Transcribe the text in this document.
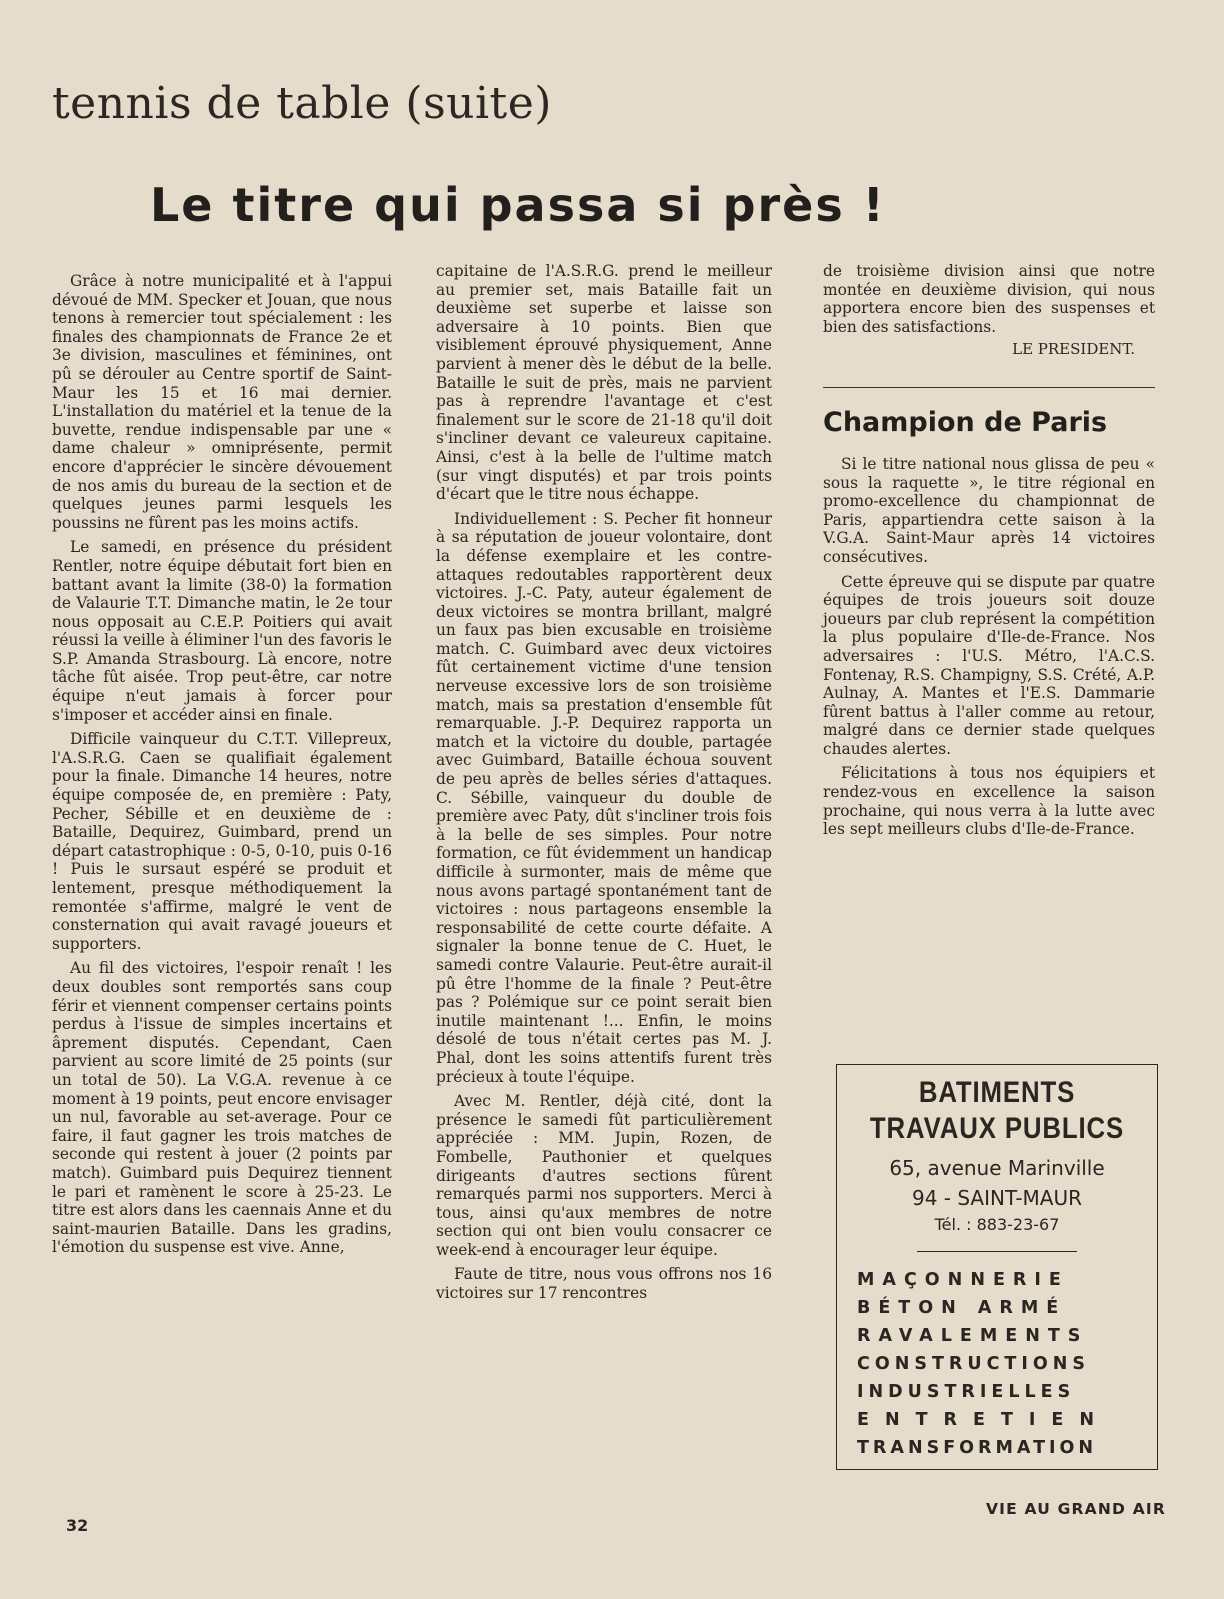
tennis de table (suite)
Le titre qui passa si près !

Grâce à notre municipalité et à l'appui dévoué de MM. Specker et Jouan, que nous tenons à remercier tout spécialement : les finales des championnats de France 2e et 3e division, masculines et féminines, ont pû se dérouler au Centre sportif de Saint-Maur les 15 et 16 mai dernier. L'installation du matériel et la tenue de la buvette, rendue indispensable par une « dame chaleur » omniprésente, permit encore d'apprécier le sincère dévouement de nos amis du bureau de la section et de quelques jeunes parmi lesquels les poussins ne fûrent pas les moins actifs.

Le samedi, en présence du président Rentler, notre équipe débutait fort bien en battant avant la limite (38-0) la formation de Valaurie T.T. Dimanche matin, le 2e tour nous opposait au C.E.P. Poitiers qui avait réussi la veille à éliminer l'un des favoris le S.P. Amanda Strasbourg. Là encore, notre tâche fût aisée. Trop peut-être, car notre équipe n'eut jamais à forcer pour s'imposer et accéder ainsi en finale.

Difficile vainqueur du C.T.T. Villepreux, l'A.S.R.G. Caen se qualifiait également pour la finale. Dimanche 14 heures, notre équipe composée de, en première : Paty, Pecher, Sébille et en deuxième de : Bataille, Dequirez, Guimbard, prend un départ catastrophique : 0-5, 0-10, puis 0-16 ! Puis le sursaut espéré se produit et lentement, presque méthodiquement la remontée s'affirme, malgré le vent de consternation qui avait ravagé joueurs et supporters.

Au fil des victoires, l'espoir renaît ! les deux doubles sont remportés sans coup férir et viennent compenser certains points perdus à l'issue de simples incertains et âprement disputés. Cependant, Caen parvient au score limité de 25 points (sur un total de 50). La V.G.A. revenue à ce moment à 19 points, peut encore envisager un nul, favorable au set-average. Pour ce faire, il faut gagner les trois matches de seconde qui restent à jouer (2 points par match). Guimbard puis Dequirez tiennent le pari et ramènent le score à 25-23. Le titre est alors dans les caennais Anne et du saint-maurien Bataille. Dans les gradins, l'émotion du suspense est vive. Anne,

capitaine de l'A.S.R.G. prend le meilleur au premier set, mais Bataille fait un deuxième set superbe et laisse son adversaire à 10 points. Bien que visiblement éprouvé physiquement, Anne parvient à mener dès le début de la belle. Bataille le suit de près, mais ne parvient pas à reprendre l'avantage et c'est finalement sur le score de 21-18 qu'il doit s'incliner devant ce valeureux capitaine. Ainsi, c'est à la belle de l'ultime match (sur vingt disputés) et par trois points d'écart que le titre nous échappe.

Individuellement : S. Pecher fit honneur à sa réputation de joueur volontaire, dont la défense exemplaire et les contre-attaques redoutables rapportèrent deux victoires. J.-C. Paty, auteur également de deux victoires se montra brillant, malgré un faux pas bien excusable en troisième match. C. Guimbard avec deux victoires fût certainement victime d'une tension nerveuse excessive lors de son troisième match, mais sa prestation d'ensemble fût remarquable. J.-P. Dequirez rapporta un match et la victoire du double, partagée avec Guimbard, Bataille échoua souvent de peu après de belles séries d'attaques. C. Sébille, vainqueur du double de première avec Paty, dût s'incliner trois fois à la belle de ses simples. Pour notre formation, ce fût évidemment un handicap difficile à surmonter, mais de même que nous avons partagé spontanément tant de victoires : nous partageons ensemble la responsabilité de cette courte défaite. A signaler la bonne tenue de C. Huet, le samedi contre Valaurie. Peut-être aurait-il pû être l'homme de la finale ? Peut-être pas ? Polémique sur ce point serait bien inutile maintenant !... Enfin, le moins désolé de tous n'était certes pas M. J. Phal, dont les soins attentifs furent très précieux à toute l'équipe.

Avec M. Rentler, déjà cité, dont la présence le samedi fût particulièrement appréciée : MM. Jupin, Rozen, de Fombelle, Pauthonier et quelques dirigeants d'autres sections fûrent remarqués parmi nos supporters. Merci à tous, ainsi qu'aux membres de notre section qui ont bien voulu consacrer ce week-end à encourager leur équipe.

Faute de titre, nous vous offrons nos 16 victoires sur 17 rencontres

de troisième division ainsi que notre montée en deuxième division, qui nous apportera encore bien des suspenses et bien des satisfactions.

LE PRESIDENT.
Champion de Paris

Si le titre national nous glissa de peu « sous la raquette », le titre régional en promo-excellence du championnat de Paris, appartiendra cette saison à la V.G.A. Saint-Maur après 14 victoires consécutives.

Cette épreuve qui se dispute par quatre équipes de trois joueurs soit douze joueurs par club représent la compétition la plus populaire d'Ile-de-France. Nos adversaires : l'U.S. Métro, l'A.C.S. Fontenay, R.S. Champigny, S.S. Crété, A.P. Aulnay, A. Mantes et l'E.S. Dammarie fûrent battus à l'aller comme au retour, malgré dans ce dernier stade quelques chaudes alertes.

Félicitations à tous nos équipiers et rendez-vous en excellence la saison prochaine, qui nous verra à la lutte avec les sept meilleurs clubs d'Ile-de-France.

BATIMENTS
TRAVAUX PUBLICS
65, avenue Marinville
94 - SAINT-MAUR
Tél. : 883-23-67
MAÇONNERIE
BÉTON ARMÉ
RAVALEMENTS
CONSTRUCTIONS
INDUSTRIELLES
ENTRETIEN
TRANSFORMATION
32
VIE AU GRAND AIR
